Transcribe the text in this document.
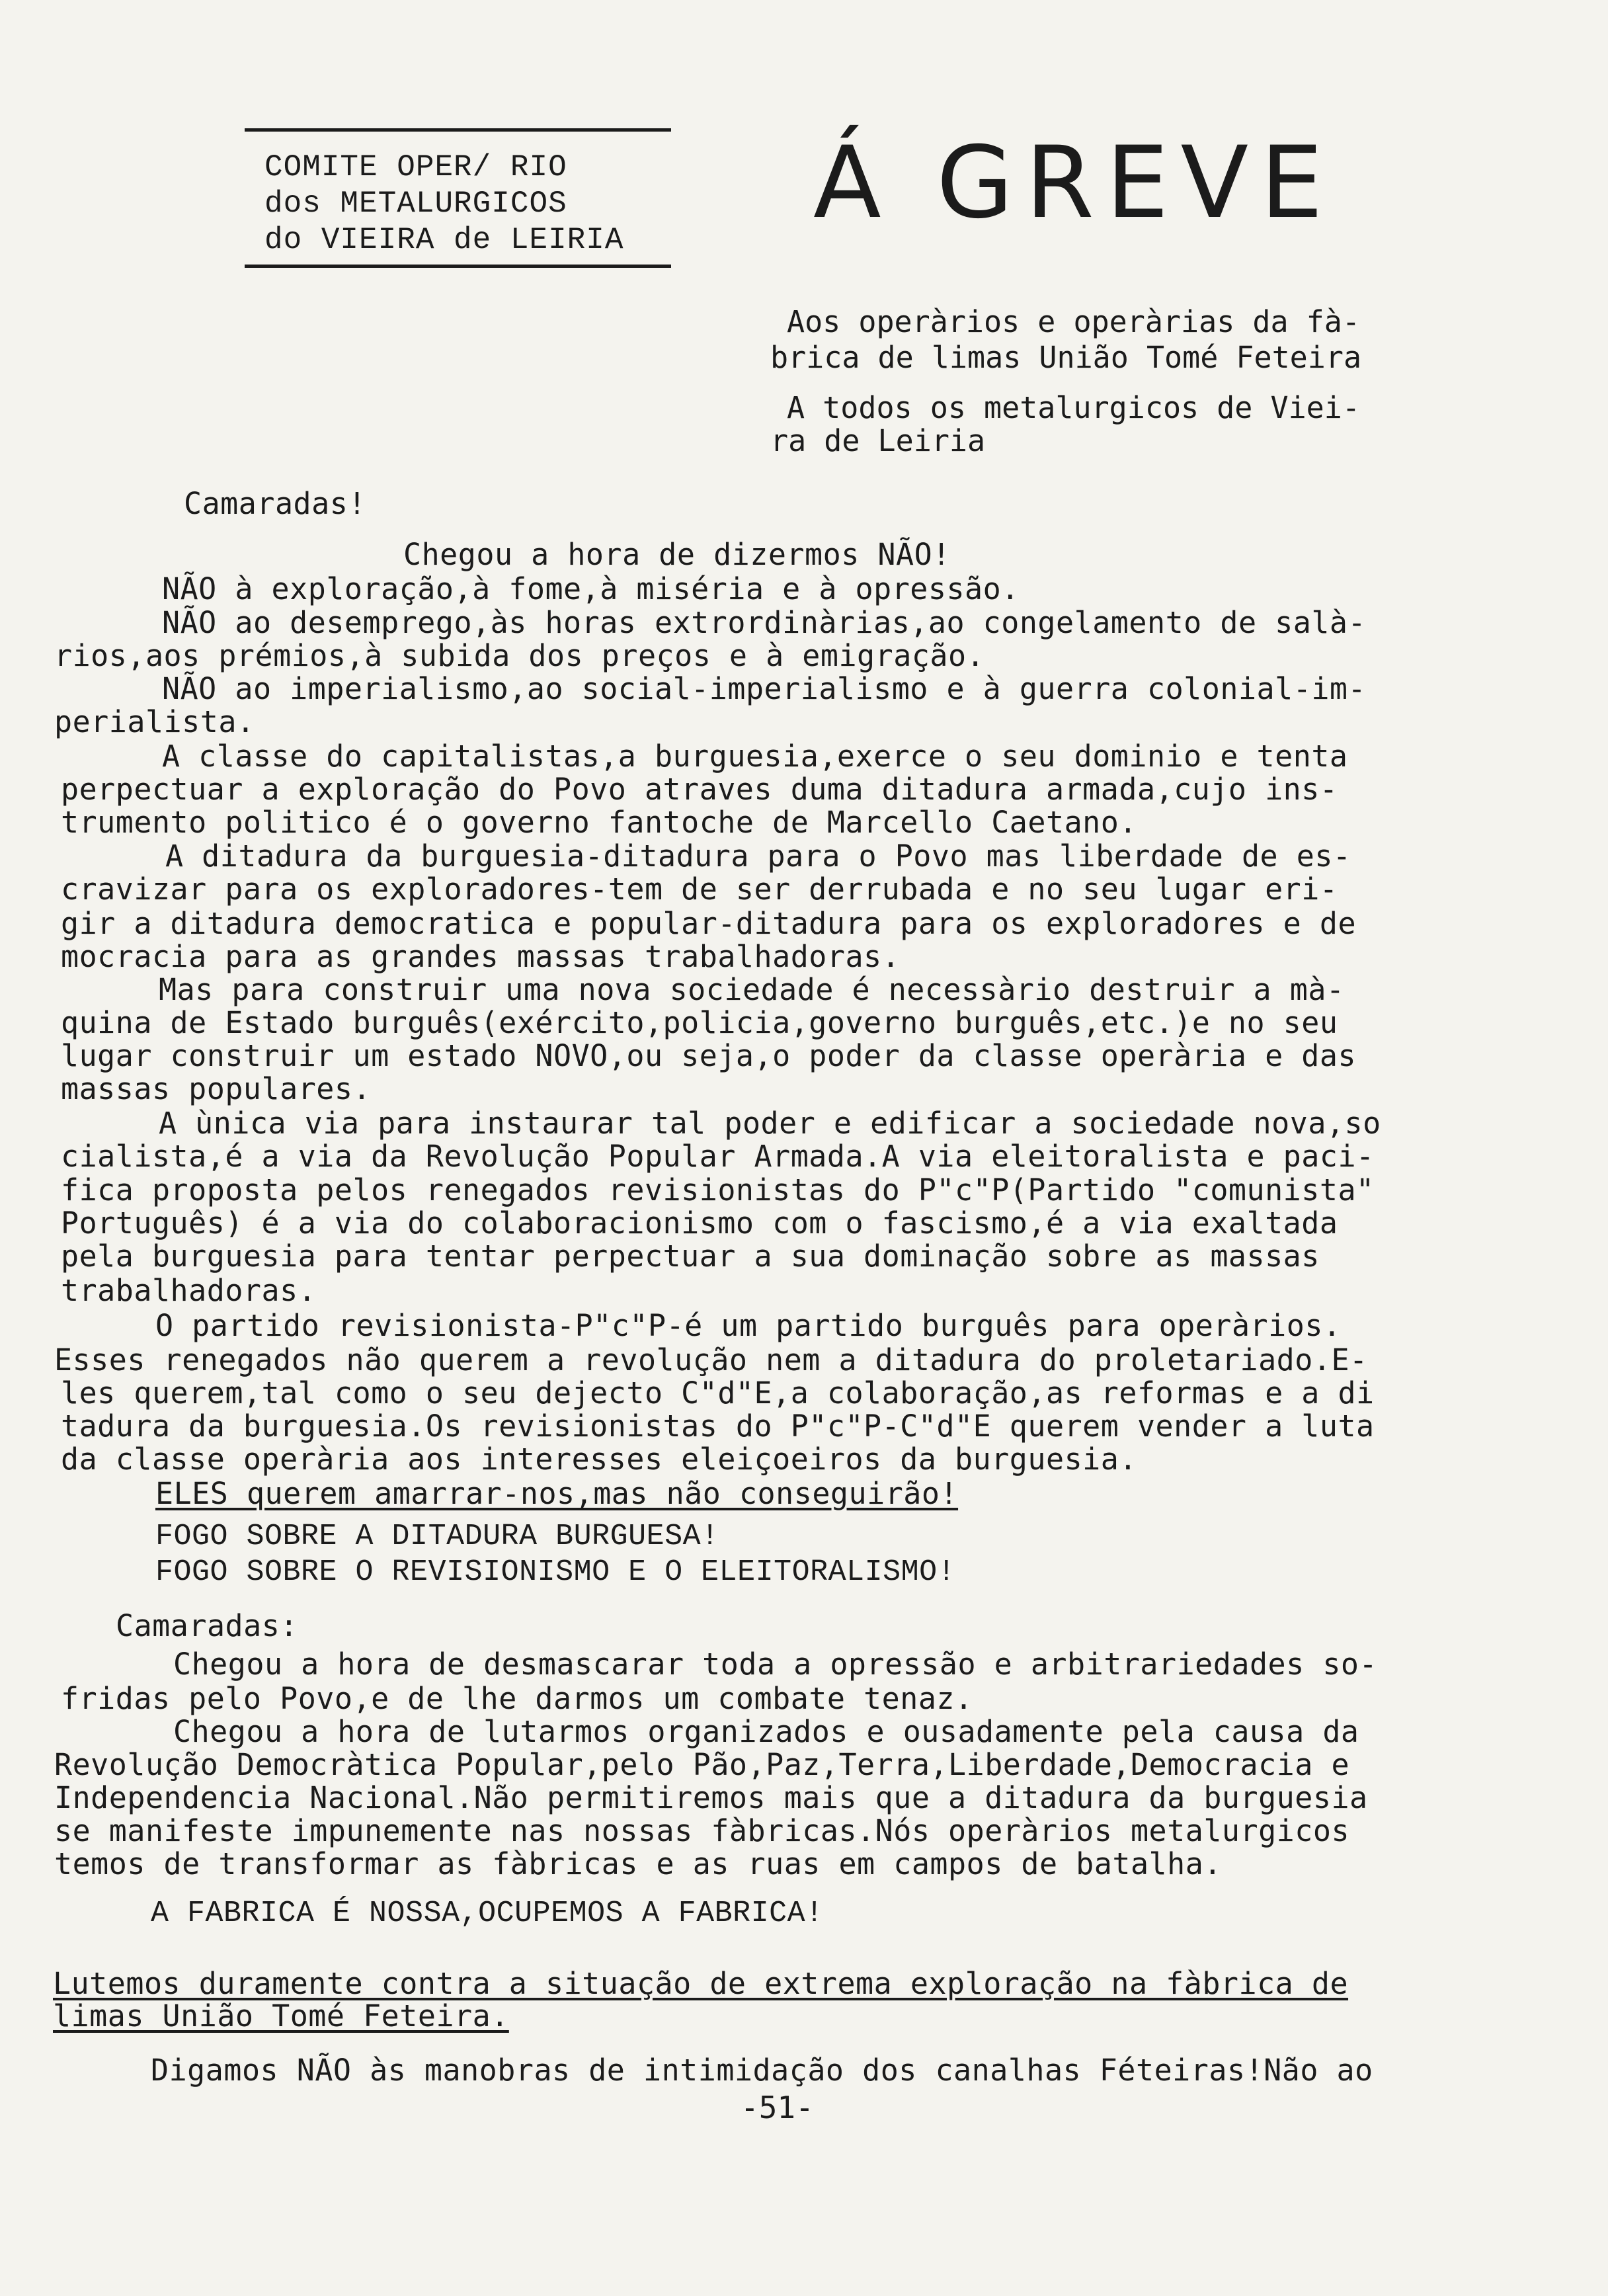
COMITE OPER/ RIO
dos METALURGICOS
do VIEIRA de LEIRIA Á GREVE
Aos operàrios e operàrias da fà-
brica de limas União Tomé Feteira
A todos os metalurgicos de Viei-
ra de Leiria
Camaradas!
Chegou a hora de dizermos NÃO!
NÃO à exploração,à fome,à miséria e à opressão.
NÃO ao desemprego,às horas extrordinàrias,ao congelamento de salà-
rios,aos prémios,à subida dos preços e à emigração.
NÃO ao imperialismo,ao social-imperialismo e à guerra colonial-im-
perialista.
A classe do capitalistas,a burguesia,exerce o seu dominio e tenta
perpectuar a exploração do Povo atraves duma ditadura armada,cujo ins-
trumento politico é o governo fantoche de Marcello Caetano.
A ditadura da burguesia-ditadura para o Povo mas liberdade de es-
cravizar para os exploradores-tem de ser derrubada e no seu lugar eri-
gir a ditadura democratica e popular-ditadura para os exploradores e de
mocracia para as grandes massas trabalhadoras.
Mas para construir uma nova sociedade é necessàrio destruir a mà-
quina de Estado burguês(exército,policia,governo burguês,etc.)e no seu
lugar construir um estado NOVO,ou seja,o poder da classe operària e das
massas populares.
A ùnica via para instaurar tal poder e edificar a sociedade nova,so
cialista,é a via da Revolução Popular Armada.A via eleitoralista e paci-
fica proposta pelos renegados revisionistas do P"c"P(Partido "comunista"
Português) é a via do colaboracionismo com o fascismo,é a via exaltada
pela burguesia para tentar perpectuar a sua dominação sobre as massas
trabalhadoras.
O partido revisionista-P"c"P-é um partido burguês para operàrios.
Esses renegados não querem a revolução nem a ditadura do proletariado.E-
les querem,tal como o seu dejecto C"d"E,a colaboração,as reformas e a di
tadura da burguesia.Os revisionistas do P"c"P-C"d"E querem vender a luta
da classe operària aos interesses eleiçoeiros da burguesia.
ELES querem amarrar-nos,mas não conseguirão!
FOGO SOBRE A DITADURA BURGUESA!
FOGO SOBRE O REVISIONISMO E O ELEITORALISMO!
Camaradas:
Chegou a hora de desmascarar toda a opressão e arbitrariedades so-
fridas pelo Povo,e de lhe darmos um combate tenaz.
Chegou a hora de lutarmos organizados e ousadamente pela causa da
Revolução Democràtica Popular,pelo Pão,Paz,Terra,Liberdade,Democracia e
Independencia Nacional.Não permitiremos mais que a ditadura da burguesia
se manifeste impunemente nas nossas fàbricas.Nós operàrios metalurgicos
temos de transformar as fàbricas e as ruas em campos de batalha.
A FABRICA É NOSSA,OCUPEMOS A FABRICA!
Lutemos duramente contra a situação de extrema exploração na fàbrica de
limas União Tomé Feteira.
Digamos NÃO às manobras de intimidação dos canalhas Féteiras!Não ao
-51-
